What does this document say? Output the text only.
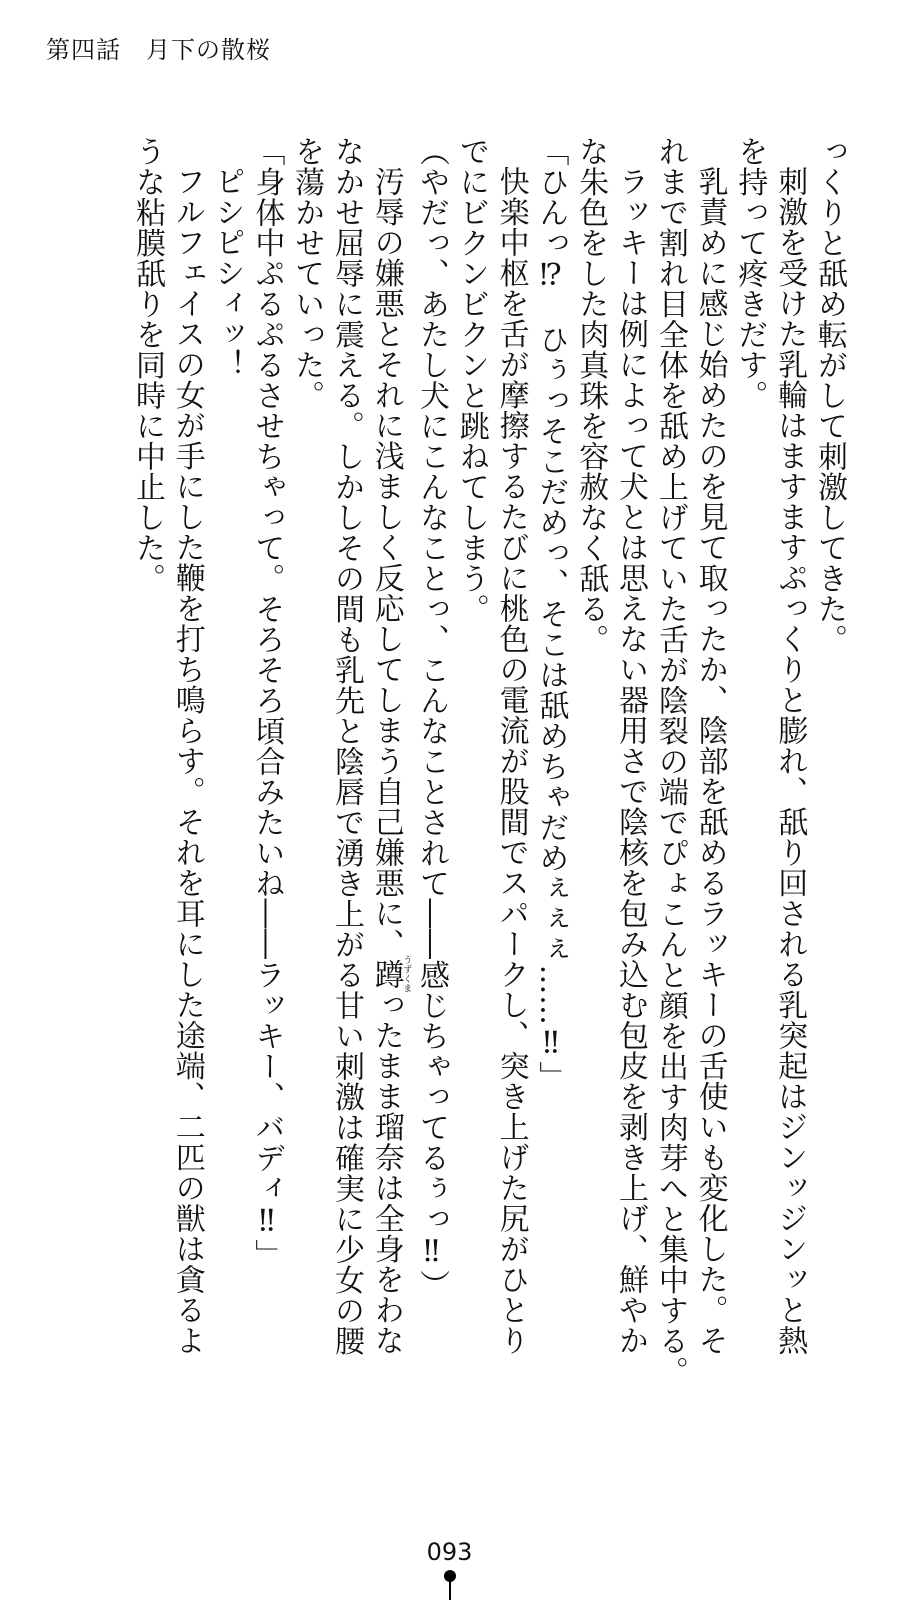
第四話　月下の散桜

っくりと舐め転がして刺激してきた。

刺激を受けた乳輪はますますぷっくりと膨れ、舐り回される乳突起はジンッジンッと熱

を持って疼きだす。

乳責めに感じ始めたのを見て取ったか、陰部を舐めるラッキーの舌使いも変化した。そ

れまで割れ目全体を舐め上げていた舌が陰裂の端でぴょこんと顔を出す肉芽へと集中する。

ラッキーは例によって犬とは思えない器用さで陰核を包み込む包皮を剥き上げ、鮮やか

な朱色をした肉真珠を容赦なく舐る。

「ひんっ⁉　ひぅっそこだめっ、そこは舐めちゃだめぇぇぇ……‼」

快楽中枢を舌が摩擦するたびに桃色の電流が股間でスパークし、突き上げた尻がひとり

でにビクンビクンと跳ねてしまう。

（やだっ、あたし犬にこんなことっ、こんなことされて――感じちゃってるぅっ‼）

汚辱の嫌悪とそれに浅ましく反応してしまう自己嫌悪に、蹲うずくまったまま瑠奈は全身をわな

なかせ屈辱に震える。しかしその間も乳先と陰唇で湧き上がる甘い刺激は確実に少女の腰

を蕩かせていった。

「身体中ぷるぷるさせちゃって。そろそろ頃合みたいね――ラッキー、バディ‼」

ピシピシィッ！

フルフェイスの女が手にした鞭を打ち鳴らす。それを耳にした途端、二匹の獣は貪るよ

うな粘膜舐りを同時に中止した。

093
